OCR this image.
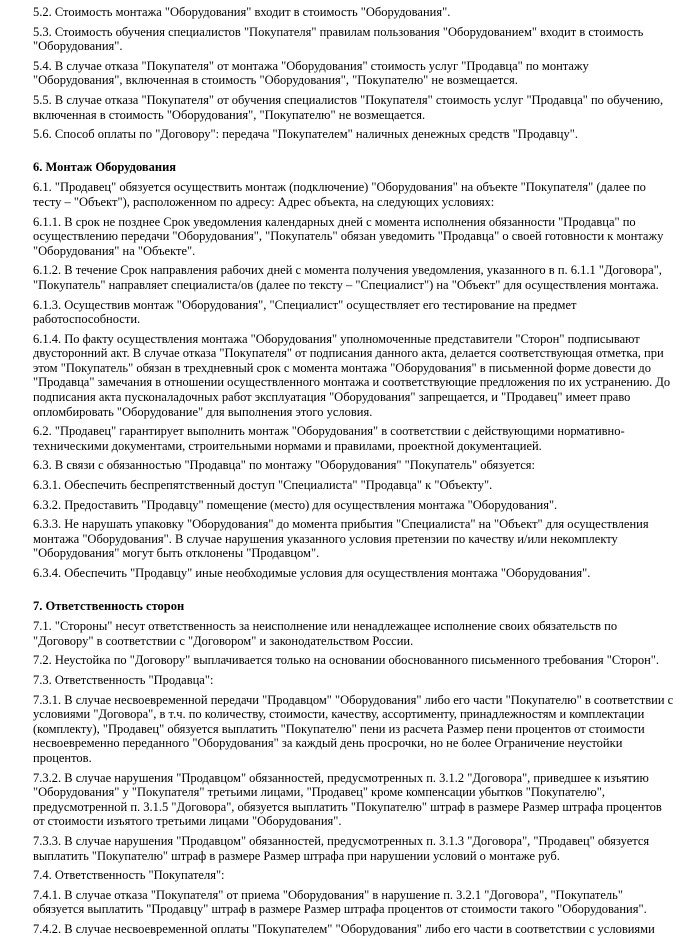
5.2. Стоимость монтажа "Оборудования" входит в стоимость "Оборудования".

5.3. Стоимость обучения специалистов "Покупателя" правилам пользования "Оборудованием" входит в стоимость "Оборудования".

5.4. В случае отказа "Покупателя" от монтажа "Оборудования" стоимость услуг "Продавца" по монтажу "Оборудования", включенная в стоимость "Оборудования", "Покупателю" не возмещается.

5.5. В случае отказа "Покупателя" от обучения специалистов "Покупателя" стоимость услуг "Продавца" по обучению, включенная в стоимость "Оборудования", "Покупателю" не возмещается.

5.6. Способ оплаты по "Договору": передача "Покупателем" наличных денежных средств "Продавцу".

6. Монтаж Оборудования

6.1. "Продавец" обязуется осуществить монтаж (подключение) "Оборудования" на объекте "Покупателя" (далее по тесту – "Объект"), расположенном по адресу: Адрес объекта, на следующих условиях:

6.1.1. В срок не позднее Срок уведомления календарных дней с момента исполнения обязанности "Продавца" по осуществлению передачи "Оборудования", "Покупатель" обязан уведомить "Продавца" о своей готовности к монтажу "Оборудования" на "Объекте".

6.1.2. В течение Срок направления рабочих дней с момента получения уведомления, указанного в п. 6.1.1 "Договора", "Покупатель" направляет специалиста/ов (далее по тексту – "Специалист") на "Объект" для осуществления монтажа.

6.1.3. Осуществив монтаж "Оборудования", "Специалист" осуществляет его тестирование на предмет работоспособности.

6.1.4. По факту осуществления монтажа "Оборудования" уполномоченные представители "Сторон" подписывают двусторонний акт. В случае отказа "Покупателя" от подписания данного акта, делается соответствующая отметка, при этом "Покупатель" обязан в трехдневный срок с момента монтажа "Оборудования" в письменной форме довести до "Продавца" замечания в отношении осуществленного монтажа и соответствующие предложения по их устранению. До подписания акта пусконаладочных работ эксплуатация "Оборудования" запрещается, и "Продавец" имеет право опломбировать "Оборудование" для выполнения этого условия.

6.2. "Продавец" гарантирует выполнить монтаж "Оборудования" в соответствии с действующими нормативно-техническими документами, строительными нормами и правилами, проектной документацией.

6.3. В связи с обязанностью "Продавца" по монтажу "Оборудования" "Покупатель" обязуется:

6.3.1. Обеспечить беспрепятственный доступ "Специалиста" "Продавца" к "Объекту".

6.3.2. Предоставить "Продавцу" помещение (место) для осуществления монтажа "Оборудования".

6.3.3. Не нарушать упаковку "Оборудования" до момента прибытия "Специалиста" на "Объект" для осуществления монтажа "Оборудования". В случае нарушения указанного условия претензии по качеству и/или некомплекту "Оборудования" могут быть отклонены "Продавцом".

6.3.4. Обеспечить "Продавцу" иные необходимые условия для осуществления монтажа "Оборудования".

7. Ответственность сторон

7.1. "Стороны" несут ответственность за неисполнение или ненадлежащее исполнение своих обязательств по "Договору" в соответствии с "Договором" и законодательством России.

7.2. Неустойка по "Договору" выплачивается только на основании обоснованного письменного требования "Сторон".

7.3. Ответственность "Продавца":

7.3.1. В случае несвоевременной передачи "Продавцом" "Оборудования" либо его части "Покупателю" в соответствии с условиями "Договора", в т.ч. по количеству, стоимости, качеству, ассортименту, принадлежностям и комплектации (комплекту), "Продавец" обязуется выплатить "Покупателю" пени из расчета Размер пени процентов от стоимости несвоевременно переданного "Оборудования" за каждый день просрочки, но не более Ограничение неустойки процентов.

7.3.2. В случае нарушения "Продавцом" обязанностей, предусмотренных п. 3.1.2 "Договора", приведшее к изъятию "Оборудования" у "Покупателя" третьими лицами, "Продавец" кроме компенсации убытков "Покупателю", предусмотренной п. 3.1.5 "Договора", обязуется выплатить "Покупателю" штраф в размере Размер штрафа процентов от стоимости изъятого третьими лицами "Оборудования".

7.3.3. В случае нарушения "Продавцом" обязанностей, предусмотренных п. 3.1.3 "Договора", "Продавец" обязуется выплатить "Покупателю" штраф в размере Размер штрафа при нарушении условий о монтаже руб.

7.4. Ответственность "Покупателя":

7.4.1. В случае отказа "Покупателя" от приема "Оборудования" в нарушение п. 3.2.1 "Договора", "Покупатель" обязуется выплатить "Продавцу" штраф в размере Размер штрафа процентов от стоимости такого "Оборудования".

7.4.2. В случае несвоевременной оплаты "Покупателем" "Оборудования" либо его части в соответствии с условиями
